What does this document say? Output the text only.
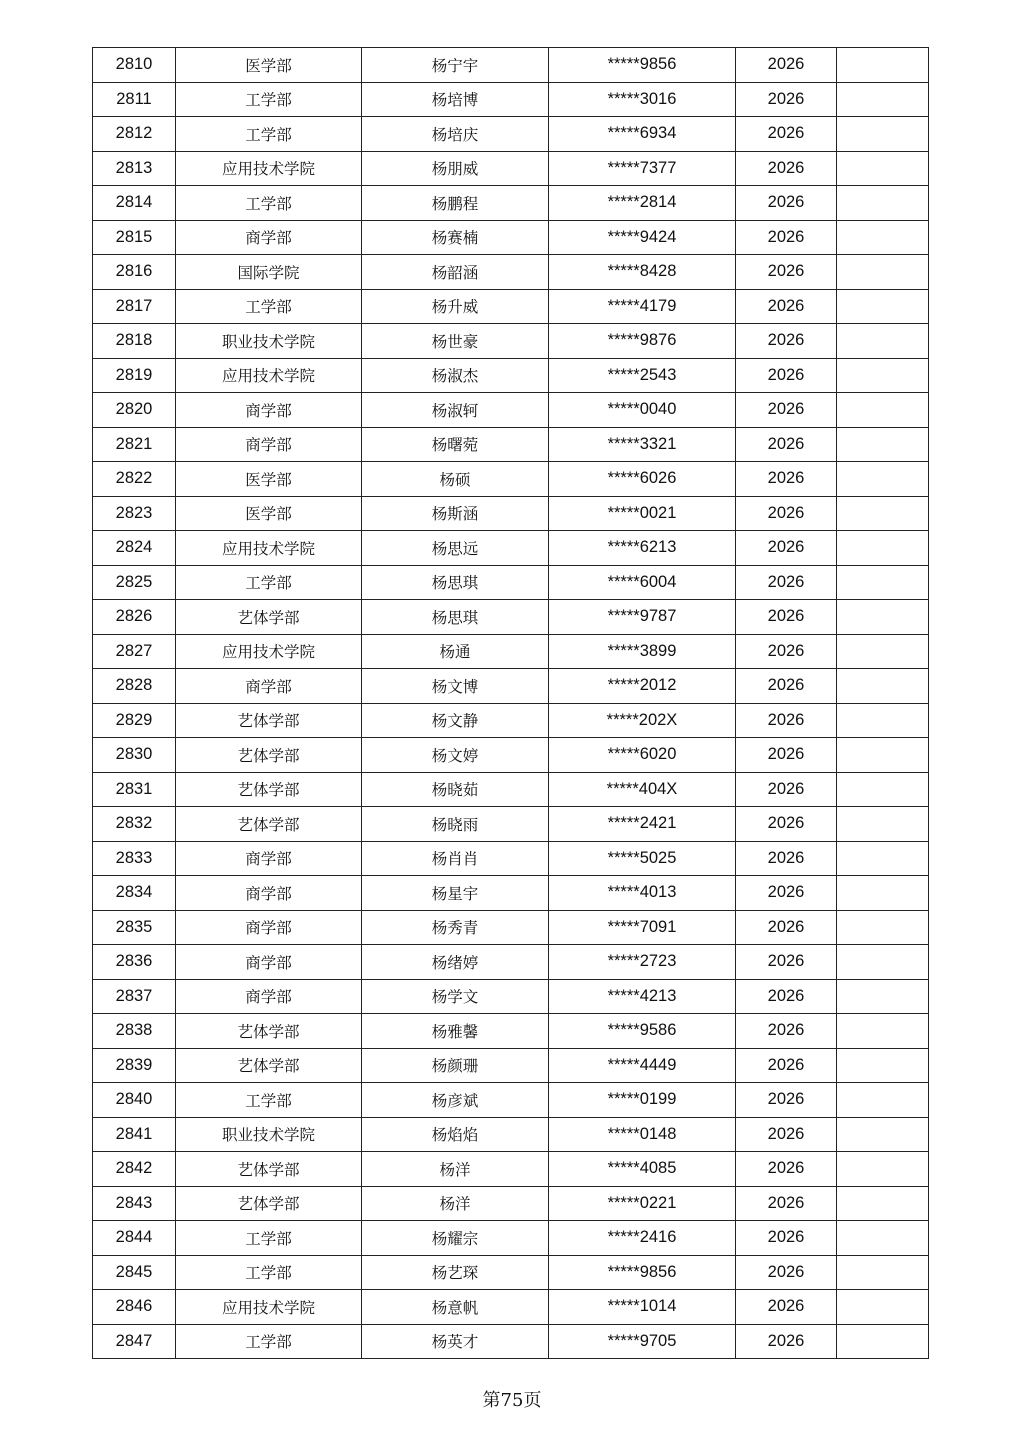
2810	医学部	杨宁宇	*****9856	2026	
2811	工学部	杨培博	*****3016	2026	
2812	工学部	杨培庆	*****6934	2026	
2813	应用技术学院	杨朋威	*****7377	2026	
2814	工学部	杨鹏程	*****2814	2026	
2815	商学部	杨赛楠	*****9424	2026	
2816	国际学院	杨韶涵	*****8428	2026	
2817	工学部	杨升威	*****4179	2026	
2818	职业技术学院	杨世豪	*****9876	2026	
2819	应用技术学院	杨淑杰	*****2543	2026	
2820	商学部	杨淑轲	*****0040	2026	
2821	商学部	杨曙菀	*****3321	2026	
2822	医学部	杨硕	*****6026	2026	
2823	医学部	杨斯涵	*****0021	2026	
2824	应用技术学院	杨思远	*****6213	2026	
2825	工学部	杨思琪	*****6004	2026	
2826	艺体学部	杨思琪	*****9787	2026	
2827	应用技术学院	杨通	*****3899	2026	
2828	商学部	杨文博	*****2012	2026	
2829	艺体学部	杨文静	*****202X	2026	
2830	艺体学部	杨文婷	*****6020	2026	
2831	艺体学部	杨晓茹	*****404X	2026	
2832	艺体学部	杨晓雨	*****2421	2026	
2833	商学部	杨肖肖	*****5025	2026	
2834	商学部	杨星宇	*****4013	2026	
2835	商学部	杨秀青	*****7091	2026	
2836	商学部	杨绪婷	*****2723	2026	
2837	商学部	杨学文	*****4213	2026	
2838	艺体学部	杨雅馨	*****9586	2026	
2839	艺体学部	杨颜珊	*****4449	2026	
2840	工学部	杨彦斌	*****0199	2026	
2841	职业技术学院	杨焰焰	*****0148	2026	
2842	艺体学部	杨洋	*****4085	2026	
2843	艺体学部	杨洋	*****0221	2026	
2844	工学部	杨耀宗	*****2416	2026	
2845	工学部	杨艺琛	*****9856	2026	
2846	应用技术学院	杨意帆	*****1014	2026	
2847	工学部	杨英才	*****9705	2026	
第75页
